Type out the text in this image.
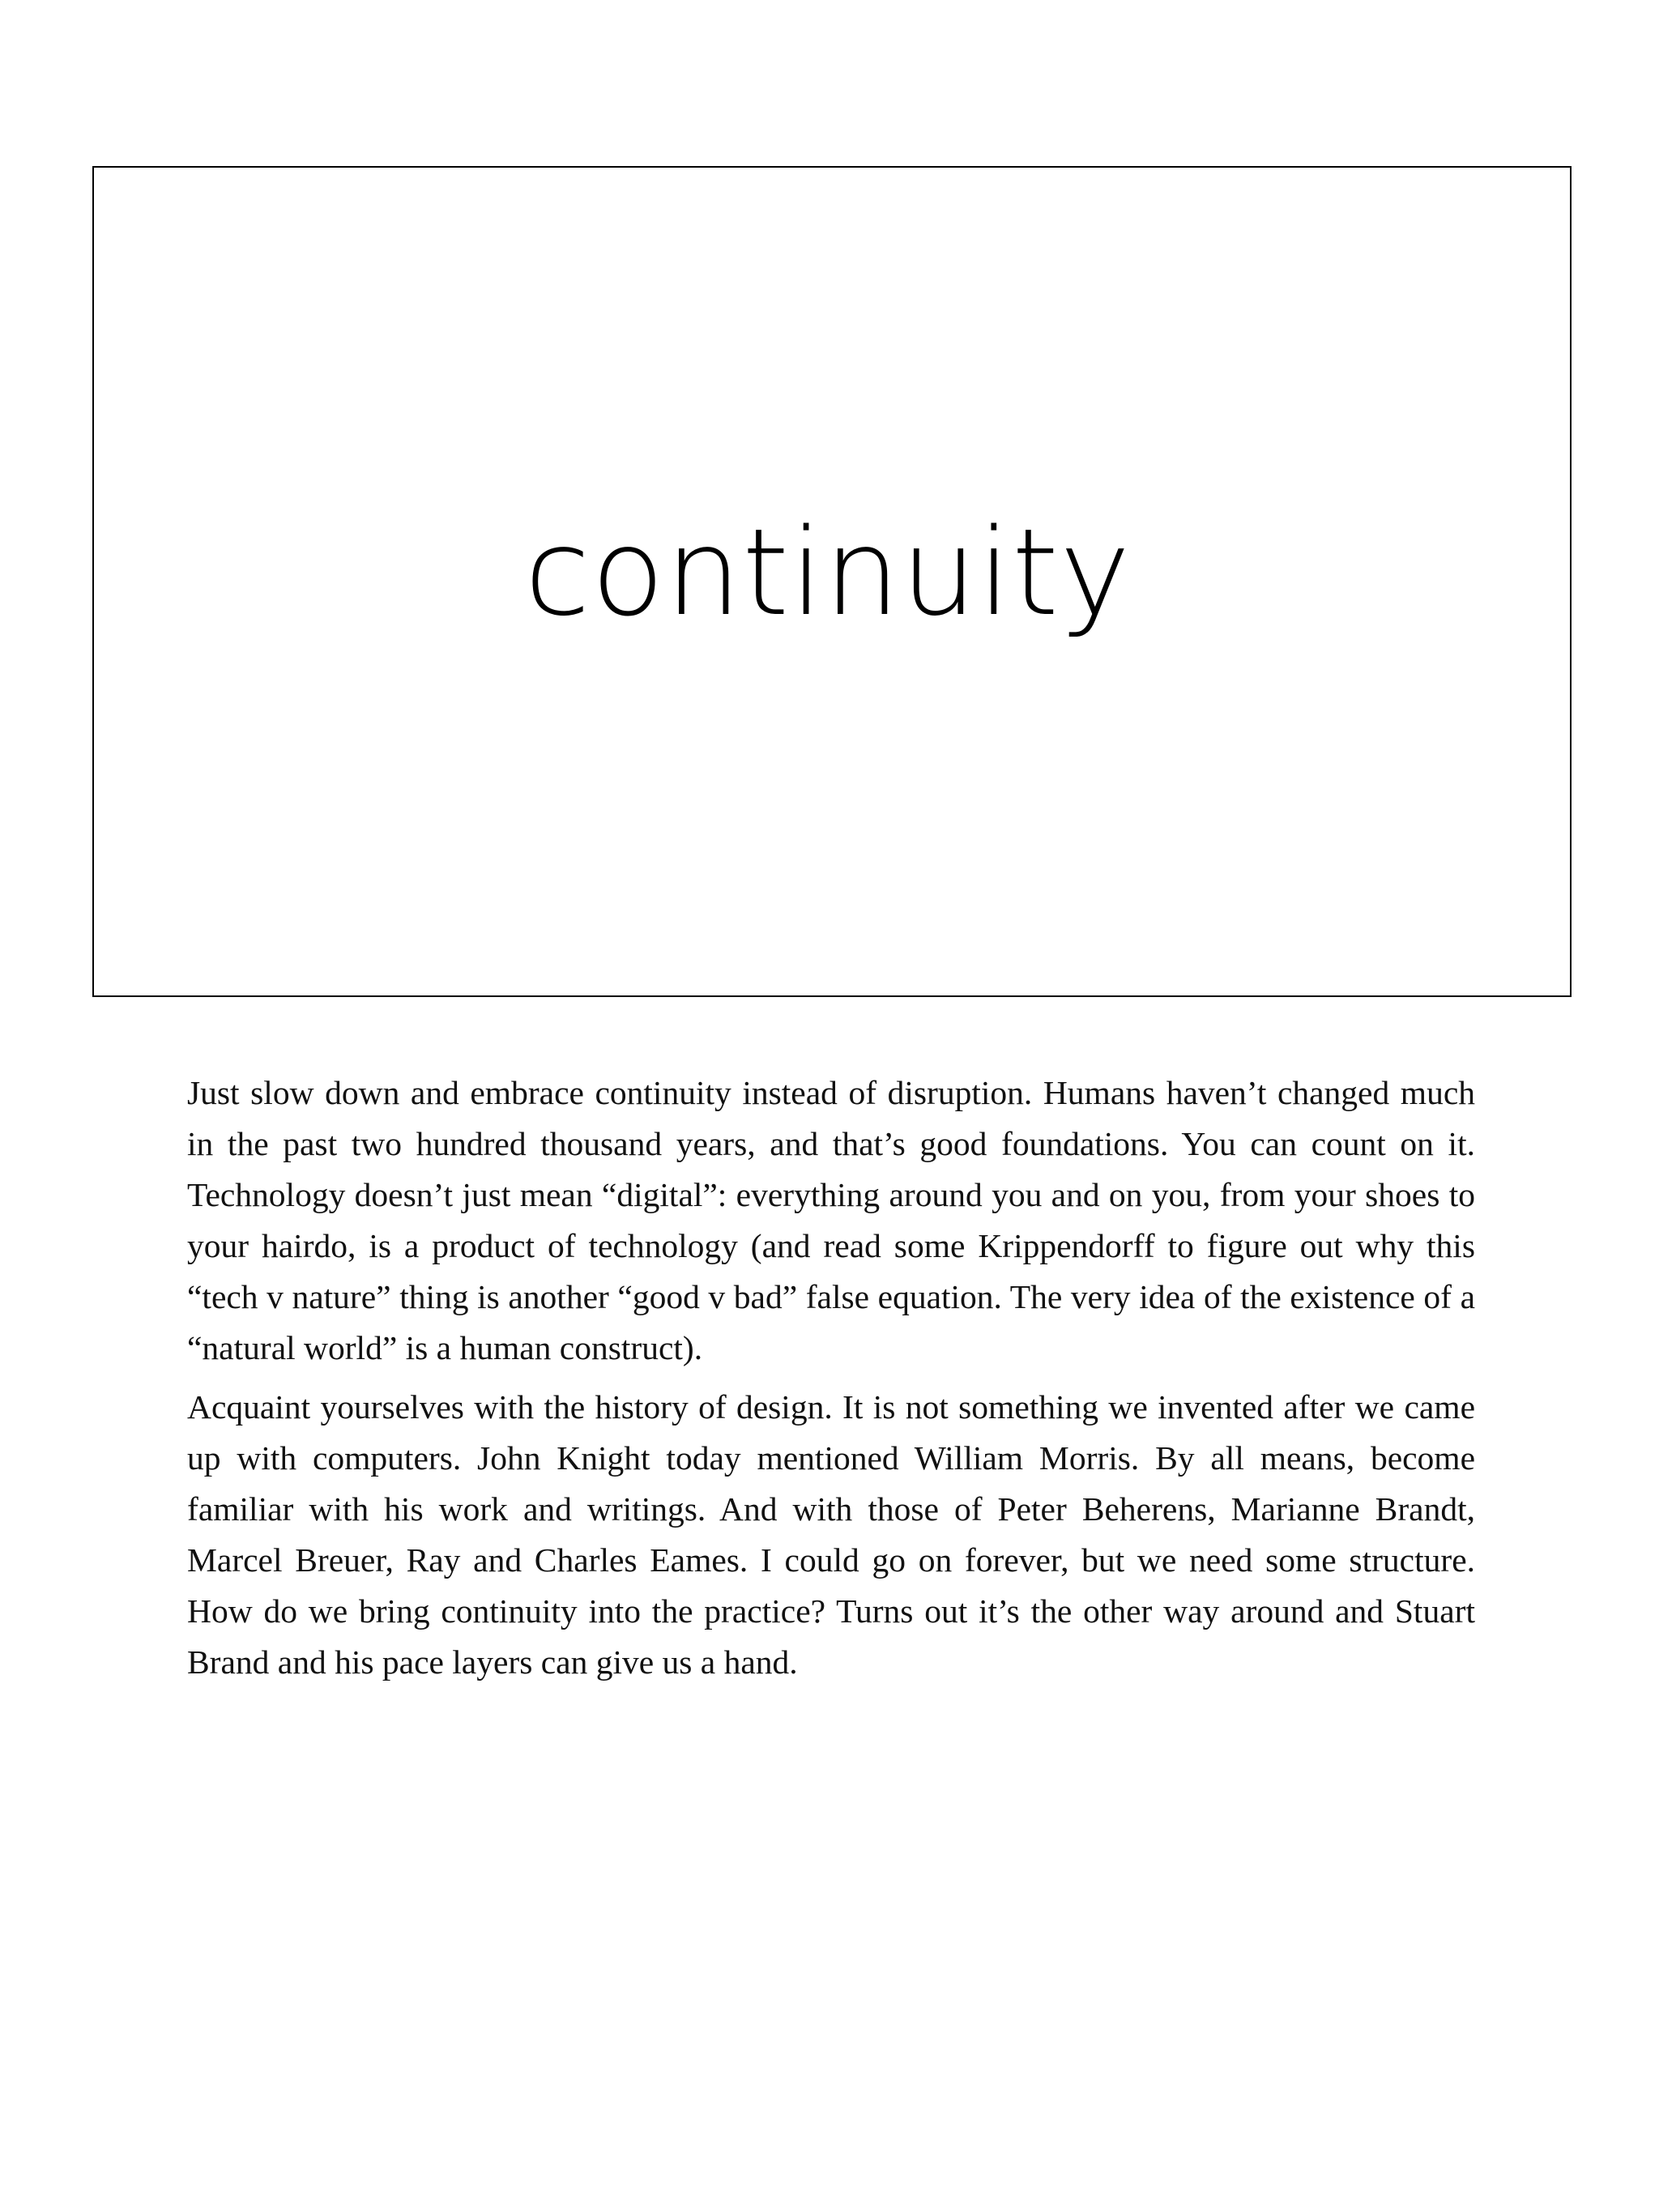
continuity

Just slow down and embrace continuity instead of disruption. Humans haven’t changed much in the past two hundred thousand years, and that’s good foundations. You can count on it. Technology doesn’t just mean “digital”: everything around you and on you, from your shoes to your hairdo, is a product of technology (and read some Krippendorff to figure out why this “tech v nature” thing is another “good v bad” false equation. The very idea of the existence of a “natural world” is a human construct).

Acquaint yourselves with the history of design. It is not something we invented after we came up with computers. John Knight today mentioned William Morris. By all means, become familiar with his work and writings. And with those of Peter Beherens, Marianne Brandt, Marcel Breuer, Ray and Charles Eames. I could go on forever, but we need some structure. How do we bring continuity into the practice? Turns out it’s the other way around and Stuart Brand and his pace layers can give us a hand.
